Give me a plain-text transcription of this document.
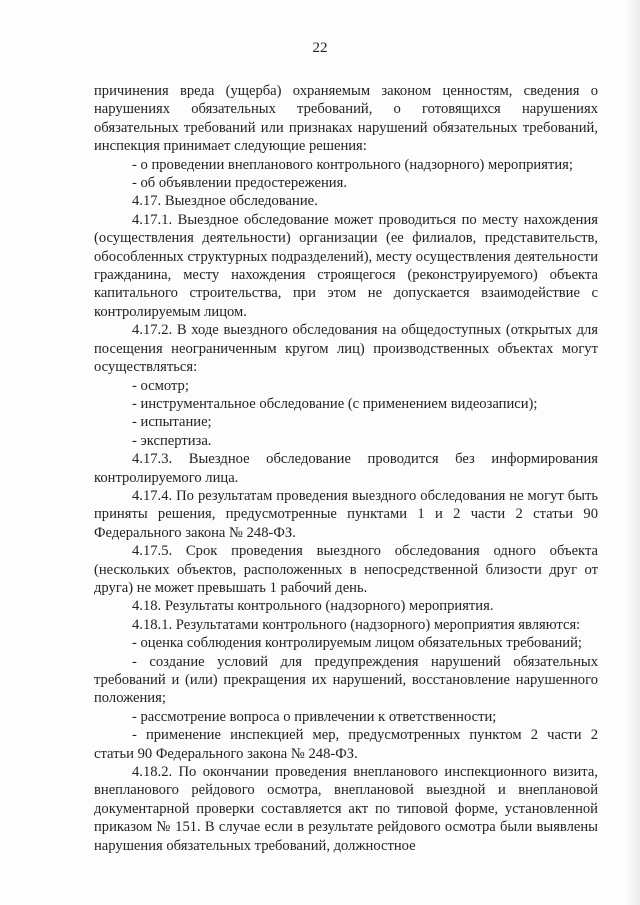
22

причинения вреда (ущерба) охраняемым законом ценностям, сведения о нарушениях обязательных требований, о готовящихся нарушениях обязательных требований или признаках нарушений обязательных требований, инспекция принимает следующие решения:

- о проведении внепланового контрольного (надзорного) мероприятия;

- об объявлении предостережения.

4.17. Выездное обследование.

4.17.1. Выездное обследование может проводиться по месту нахождения (осуществления деятельности) организации (ее филиалов, представительств, обособленных структурных подразделений), месту осуществления деятельности гражданина, месту нахождения строящегося (реконструируемого) объекта капитального строительства, при этом не допускается взаимодействие с контролируемым лицом.

4.17.2. В ходе выездного обследования на общедоступных (открытых для посещения неограниченным кругом лиц) производственных объектах могут осуществляться:

- осмотр;

- инструментальное обследование (с применением видеозаписи);

- испытание;

- экспертиза.

4.17.3. Выездное обследование проводится без информирования контролируемого лица.

4.17.4. По результатам проведения выездного обследования не могут быть приняты решения, предусмотренные пунктами 1 и 2 части 2 статьи 90 Федерального закона № 248-ФЗ.

4.17.5. Срок проведения выездного обследования одного объекта (нескольких объектов, расположенных в непосредственной близости друг от друга) не может превышать 1 рабочий день.

4.18. Результаты контрольного (надзорного) мероприятия.

4.18.1. Результатами контрольного (надзорного) мероприятия являются:

- оценка соблюдения контролируемым лицом обязательных требований;

- создание условий для предупреждения нарушений обязательных требований и (или) прекращения их нарушений, восстановление нарушенного положения;

- рассмотрение вопроса о привлечении к ответственности;

- применение инспекцией мер, предусмотренных пунктом 2 части 2 статьи 90 Федерального закона № 248-ФЗ.

4.18.2. По окончании проведения внепланового инспекционного визита, внепланового рейдового осмотра, внеплановой выездной и внеплановой документарной проверки составляется акт по типовой форме, установленной приказом № 151. В случае если в результате рейдового осмотра были выявлены нарушения обязательных требований, должностное
